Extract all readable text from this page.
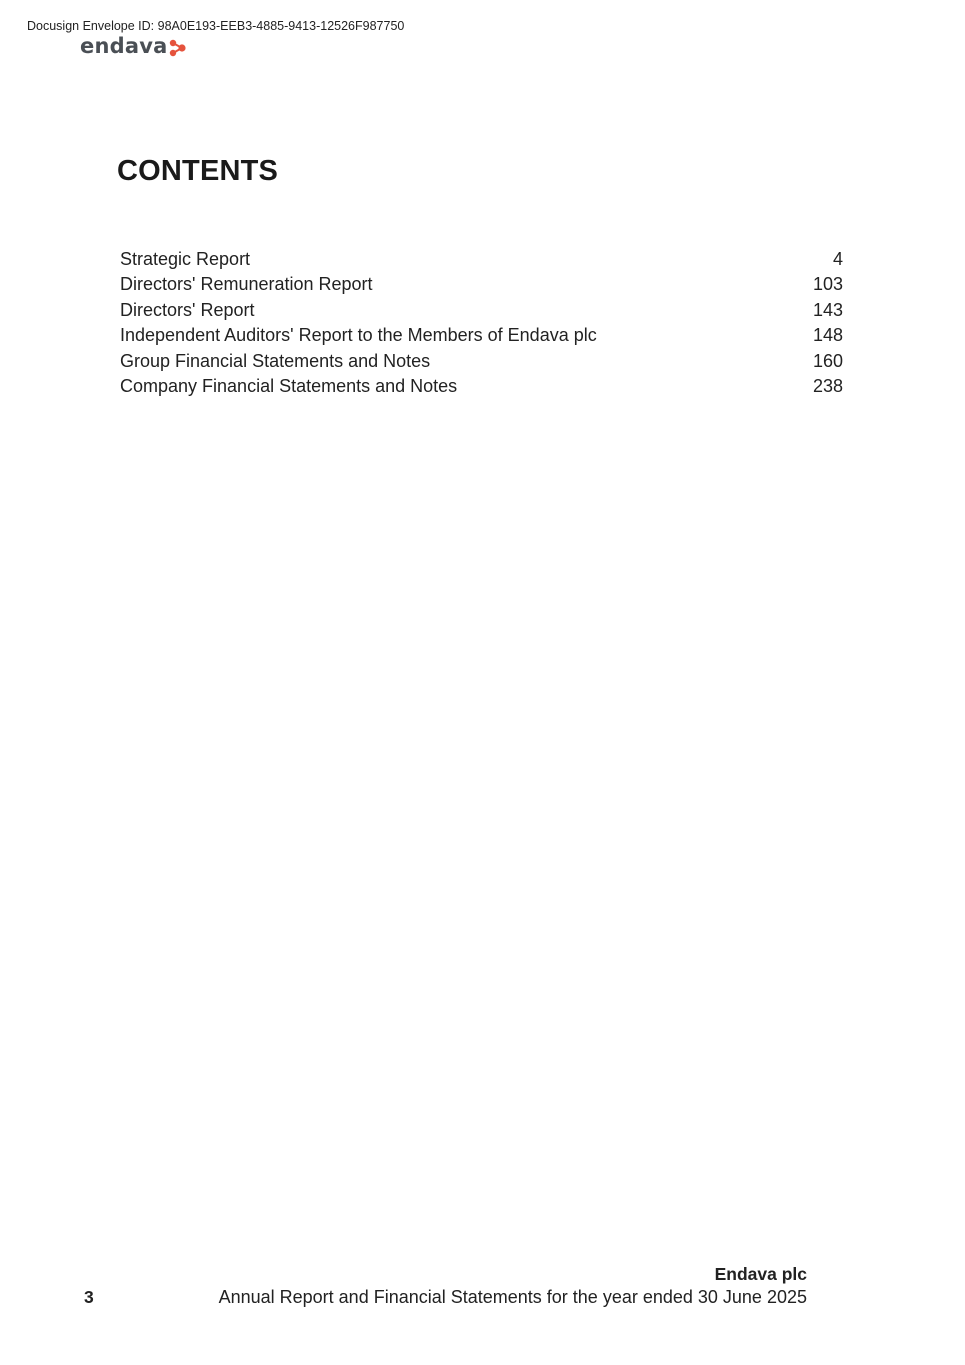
Docusign Envelope ID: 98A0E193-EEB3-4885-9413-12526F987750
endava
CONTENTS
Strategic Report	4
Directors' Remuneration Report	103
Directors' Report	143
Independent Auditors' Report to the Members of Endava plc	148
Group Financial Statements and Notes	160
Company Financial Statements and Notes	238
Endava plc
3	Annual Report and Financial Statements for the year ended 30 June 2025
